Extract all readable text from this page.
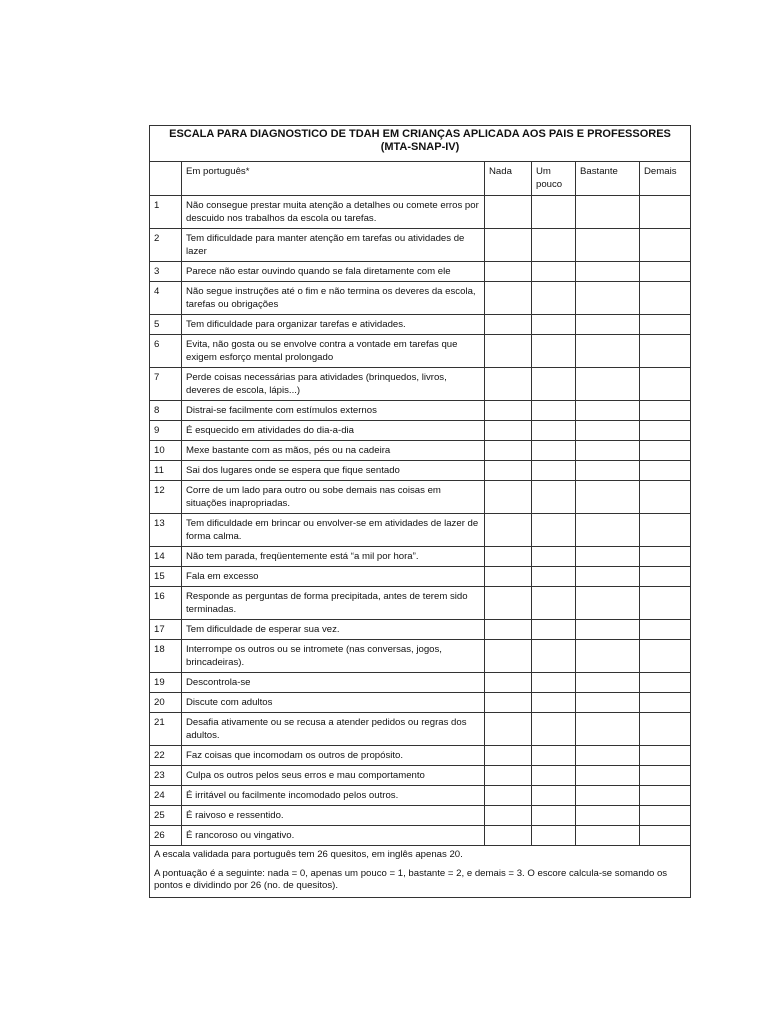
ESCALA PARA DIAGNOSTICO DE TDAH EM CRIANÇAS APLICADA AOS PAIS E PROFESSORES
(MTA-SNAP-IV)					

	Em português*	Nada	Um pouco	Bastante	Demais
1	Não consegue prestar muita atenção a detalhes ou comete erros por descuido nos trabalhos da escola ou tarefas.				
2	Tem dificuldade para manter atenção em tarefas ou atividades de lazer				
3	Parece não estar ouvindo quando se fala diretamente com ele				
4	Não segue instruções até o fim e não termina os deveres da escola, tarefas ou obrigações				
5	Tem dificuldade para organizar tarefas e atividades.				
6	Evita, não gosta ou se envolve contra a vontade em tarefas que exigem esforço mental prolongado				
7	Perde coisas necessárias para atividades (brinquedos, livros, deveres de escola, lápis...)				
8	Distrai-se facilmente com estímulos externos				
9	É esquecido em atividades do dia-a-dia				
10	Mexe bastante com as mãos, pés ou na cadeira				
11	Sai dos lugares onde se espera que fique sentado				
12	Corre de um lado para outro ou sobe demais nas coisas em situações inapropriadas.				
13	Tem dificuldade em brincar ou envolver-se em atividades de lazer de forma calma.				
14	Não tem parada, freqüentemente está “a mil por hora”.				
15	Fala em excesso				
16	Responde as perguntas de forma precipitada, antes de terem sido terminadas.				
17	Tem dificuldade de esperar sua vez.				
18	Interrompe os outros ou se intromete (nas conversas, jogos, brincadeiras).				
19	Descontrola-se				
20	Discute com adultos				
21	Desafia ativamente ou se recusa a atender pedidos ou regras dos adultos.				
22	Faz coisas que incomodam os outros de propósito.				
23	Culpa os outros pelos seus erros e mau comportamento				
24	É irritável ou facilmente incomodado pelos outros.				
25	É raivoso e ressentido.				
26	É rancoroso ou vingativo.				

A escala validada para português tem 26 quesitos, em inglês apenas 20.

A pontuação é a seguinte: nada = 0, apenas um pouco = 1, bastante = 2, e demais = 3. O escore calcula-se somando os pontos e dividindo por 26 (no. de quesitos).					
